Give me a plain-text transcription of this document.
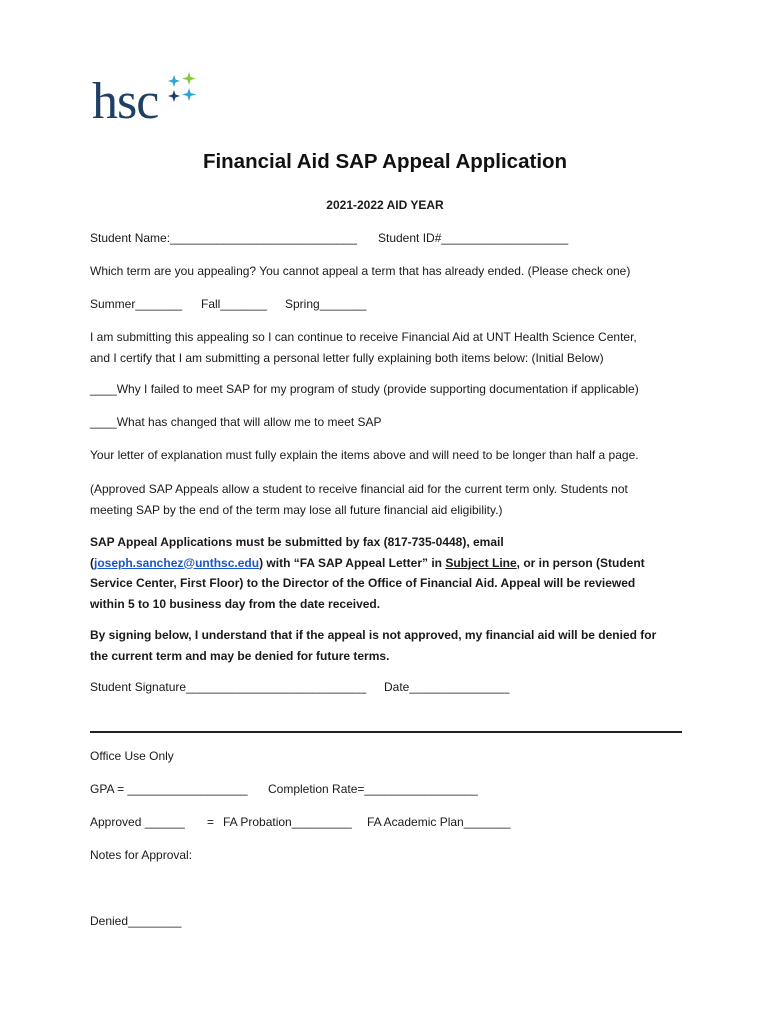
hsc
Financial Aid SAP Appeal Application
2021-2022 AID YEAR
Student Name:____________________________ Student ID#___________________
Which term are you appealing? You cannot appeal a term that has already ended. (Please check one)
Summer_______ Fall_______ Spring_______
I am submitting this appealing so I can continue to receive Financial Aid at UNT Health Science Center,
and I certify that I am submitting a personal letter fully explaining both items below: (Initial Below)
____Why I failed to meet SAP for my program of study (provide supporting documentation if applicable)
____What has changed that will allow me to meet SAP
Your letter of explanation must fully explain the items above and will need to be longer than half a page.
(Approved SAP Appeals allow a student to receive financial aid for the current term only. Students not
meeting SAP by the end of the term may lose all future financial aid eligibility.)
SAP Appeal Applications must be submitted by fax (817-735-0448), email
(joseph.sanchez@unthsc.edu) with “FA SAP Appeal Letter” in Subject Line, or in person (Student
Service Center, First Floor) to the Director of the Office of Financial Aid. Appeal will be reviewed
within 5 to 10 business day from the date received.
By signing below, I understand that if the appeal is not approved, my financial aid will be denied for
the current term and may be denied for future terms.
Student Signature___________________________ Date_______________
Office Use Only
GPA = __________________ Completion Rate=_________________
Approved ______ = FA Probation_________ FA Academic Plan_______
Notes for Approval:
Denied________
